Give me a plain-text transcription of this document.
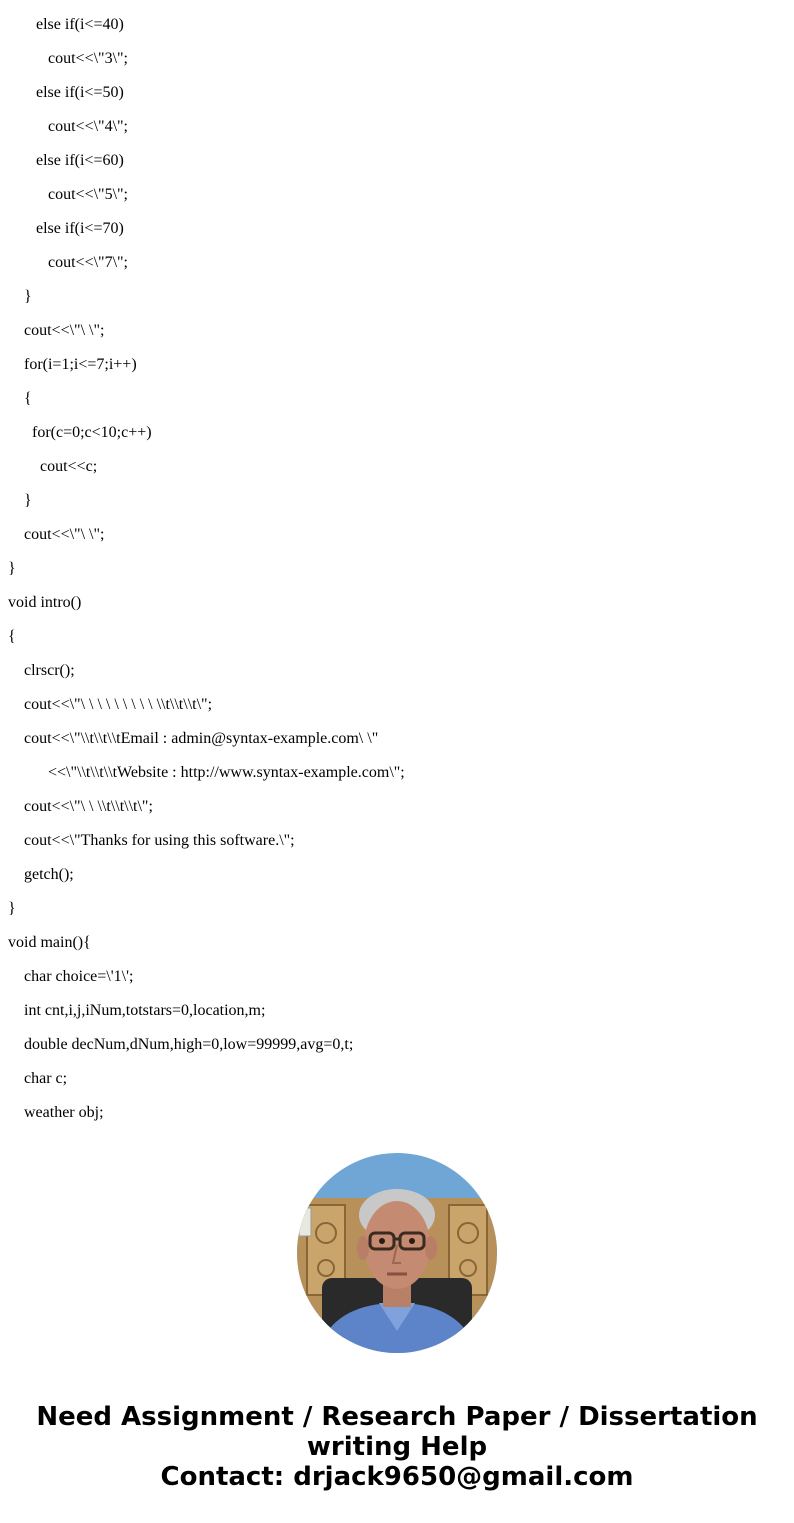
else if(i<=40)
cout<<\"3\";
else if(i<=50)
cout<<\"4\";
else if(i<=60)
cout<<\"5\";
else if(i<=70)
cout<<\"7\";
}
cout<<\"\ \";
for(i=1;i<=7;i++)
{
for(c=0;c<10;c++)
cout<<c;
}
cout<<\"\ \";
}
void intro()
{
clrscr();
cout<<\"\ \ \ \ \ \ \ \ \ \\t\\t\\t\";
cout<<\"\\t\\t\\tEmail : admin@syntax-example.com\ \"
<<\"\\t\\t\\tWebsite : http://www.syntax-example.com\";
cout<<\"\ \ \\t\\t\\t\";
cout<<\"Thanks for using this software.\";
getch();
}
void main(){
char choice=\'1\';
int cnt,i,j,iNum,totstars=0,location,m;
double decNum,dNum,high=0,low=99999,avg=0,t;
char c;
weather obj;
Need Assignment / Research Paper / Dissertation
writing Help
Contact: drjack9650@gmail.com
